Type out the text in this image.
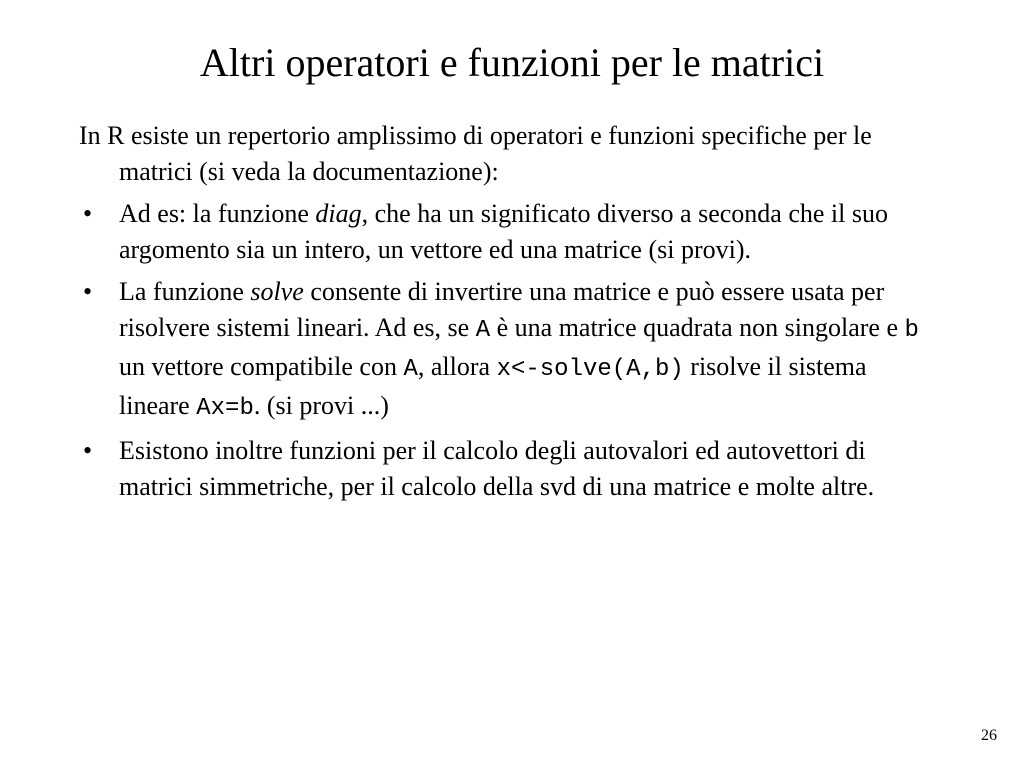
Altri operatori e funzioni per le matrici

In R esiste un repertorio amplissimo di operatori e funzioni specifiche per le matrici (si veda la documentazione):

• Ad es: la funzione diag, che ha un significato diverso a seconda che il suo argomento sia un intero, un vettore ed una matrice (si provi).
• La funzione solve consente di invertire una matrice e può essere usata per risolvere sistemi lineari. Ad es, se A è una matrice quadrata non singolare e b un vettore compatibile con A, allora x<-solve(A,b) risolve il sistema lineare Ax=b. (si provi ...)
• Esistono inoltre funzioni per il calcolo degli autovalori ed autovettori di matrici simmetriche, per il calcolo della svd di una matrice e molte altre.
26
